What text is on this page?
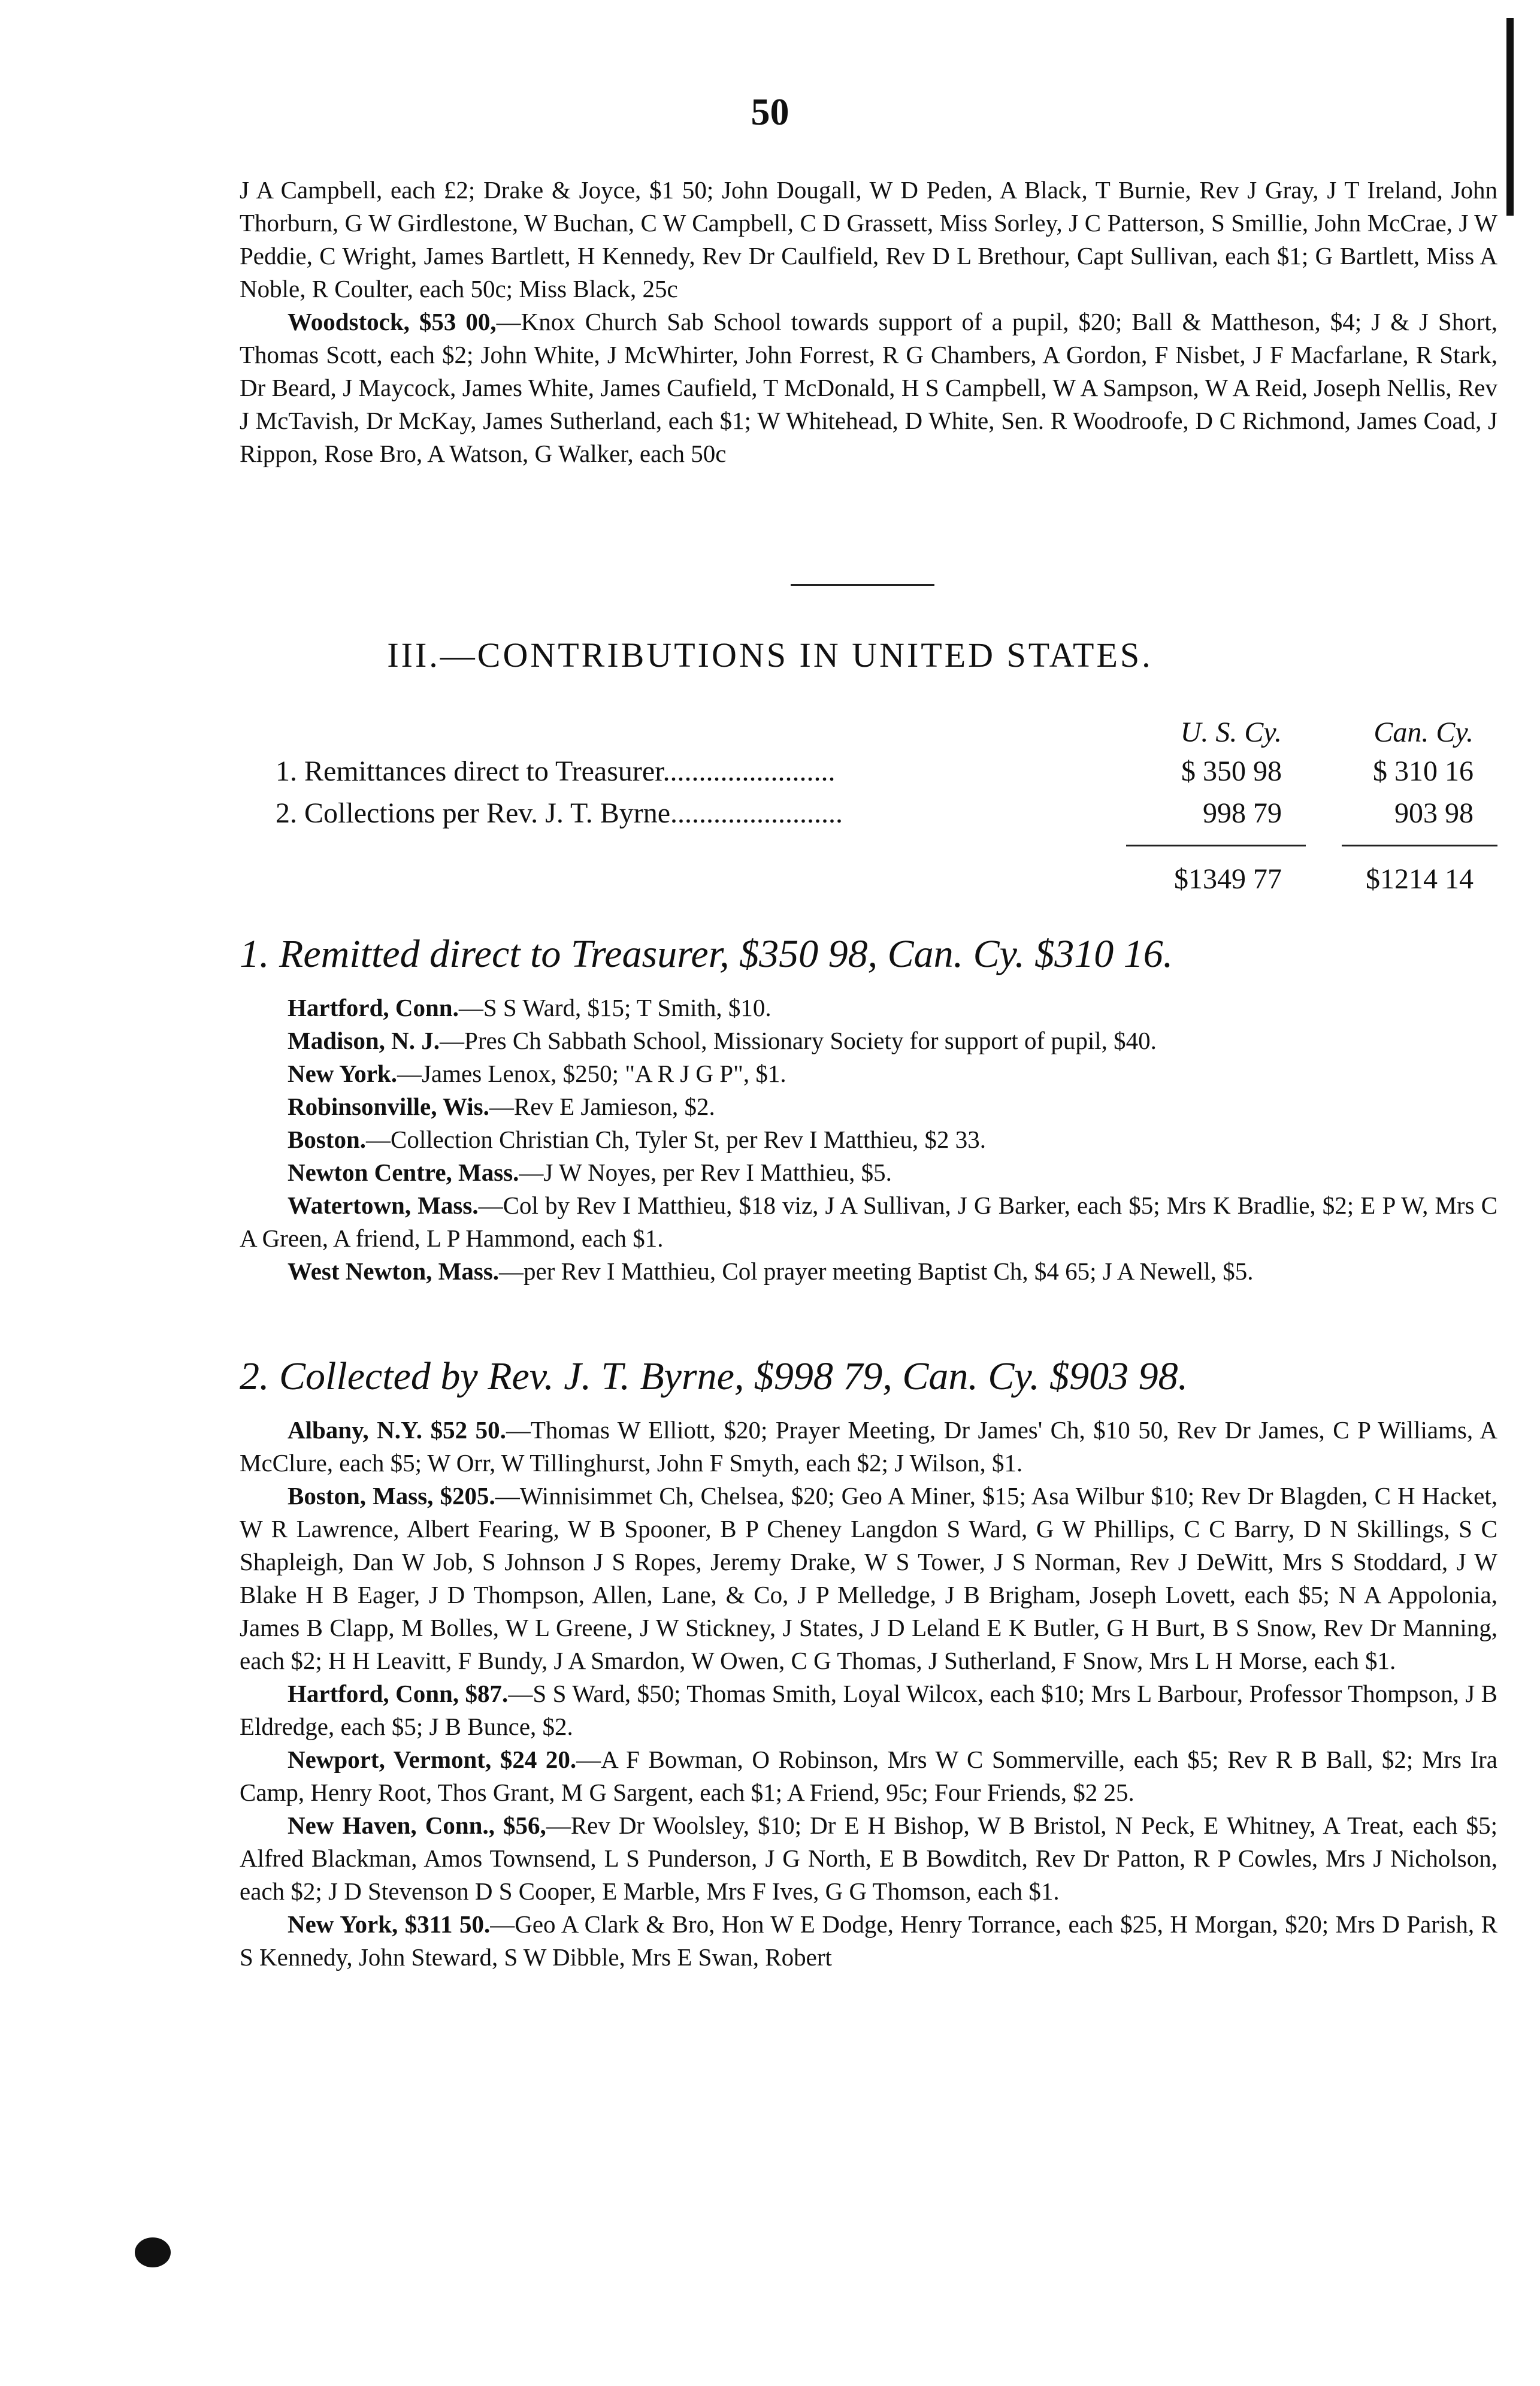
50

J A Campbell, each £2; Drake & Joyce, $1 50; John Dougall, W D Peden, A Black, T Burnie, Rev J Gray, J T Ireland, John Thorburn, G W Girdlestone, W Buchan, C W Campbell, C D Grassett, Miss Sorley, J C Patterson, S Smillie, John McCrae, J W Peddie, C Wright, James Bartlett, H Kennedy, Rev Dr Caulfield, Rev D L Brethour, Capt Sullivan, each $1; G Bartlett, Miss A Noble, R Coulter, each 50c; Miss Black, 25c

Woodstock, $53 00,—Knox Church Sab School towards support of a pupil, $20; Ball & Mattheson, $4; J & J Short, Thomas Scott, each $2; John White, J McWhirter, John Forrest, R G Chambers, A Gordon, F Nisbet, J F Macfarlane, R Stark, Dr Beard, J Maycock, James White, James Caufield, T McDonald, H S Campbell, W A Sampson, W A Reid, Joseph Nellis, Rev J McTavish, Dr McKay, James Sutherland, each $1; W Whitehead, D White, Sen. R Woodroofe, D C Richmond, James Coad, J Rippon, Rose Bro, A Watson, G Walker, each 50c

III.—CONTRIBUTIONS IN UNITED STATES.
U. S. Cy.	Can. Cy.
1. Remittances direct to Treasurer........................	$ 350 98	$ 310 16
2. Collections per Rev. J. T. Byrne........................	998 79	903 98
$1349 77	$1214 14
1. Remitted direct to Treasurer, $350 98, Can. Cy. $310 16.

Hartford, Conn.—S S Ward, $15; T Smith, $10.

Madison, N. J.—Pres Ch Sabbath School, Missionary Society for support of pupil, $40.

New York.—James Lenox, $250; "A R J G P", $1.

Robinsonville, Wis.—Rev E Jamieson, $2.

Boston.—Collection Christian Ch, Tyler St, per Rev I Matthieu, $2 33.

Newton Centre, Mass.—J W Noyes, per Rev I Matthieu, $5.

Watertown, Mass.—Col by Rev I Matthieu, $18 viz, J A Sullivan, J G Barker, each $5; Mrs K Bradlie, $2; E P W, Mrs C A Green, A friend, L P Hammond, each $1.

West Newton, Mass.—per Rev I Matthieu, Col prayer meeting Baptist Ch, $4 65; J A Newell, $5.

2. Collected by Rev. J. T. Byrne, $998 79, Can. Cy. $903 98.

Albany, N.Y. $52 50.—Thomas W Elliott, $20; Prayer Meeting, Dr James' Ch, $10 50, Rev Dr James, C P Williams, A McClure, each $5; W Orr, W Tillinghurst, John F Smyth, each $2; J Wilson, $1.

Boston, Mass, $205.—Winnisimmet Ch, Chelsea, $20; Geo A Miner, $15; Asa Wilbur $10; Rev Dr Blagden, C H Hacket, W R Lawrence, Albert Fearing, W B Spooner, B P Cheney Langdon S Ward, G W Phillips, C C Barry, D N Skillings, S C Shapleigh, Dan W Job, S Johnson J S Ropes, Jeremy Drake, W S Tower, J S Norman, Rev J DeWitt, Mrs S Stoddard, J W Blake H B Eager, J D Thompson, Allen, Lane, & Co, J P Melledge, J B Brigham, Joseph Lovett, each $5; N A Appolonia, James B Clapp, M Bolles, W L Greene, J W Stickney, J States, J D Leland E K Butler, G H Burt, B S Snow, Rev Dr Manning, each $2; H H Leavitt, F Bundy, J A Smardon, W Owen, C G Thomas, J Sutherland, F Snow, Mrs L H Morse, each $1.

Hartford, Conn, $87.—S S Ward, $50; Thomas Smith, Loyal Wilcox, each $10; Mrs L Barbour, Professor Thompson, J B Eldredge, each $5; J B Bunce, $2.

Newport, Vermont, $24 20.—A F Bowman, O Robinson, Mrs W C Sommerville, each $5; Rev R B Ball, $2; Mrs Ira Camp, Henry Root, Thos Grant, M G Sargent, each $1; A Friend, 95c; Four Friends, $2 25.

New Haven, Conn., $56,—Rev Dr Woolsley, $10; Dr E H Bishop, W B Bristol, N Peck, E Whitney, A Treat, each $5; Alfred Blackman, Amos Townsend, L S Punderson, J G North, E B Bowditch, Rev Dr Patton, R P Cowles, Mrs J Nicholson, each $2; J D Stevenson D S Cooper, E Marble, Mrs F Ives, G G Thomson, each $1.

New York, $311 50.—Geo A Clark & Bro, Hon W E Dodge, Henry Torrance, each $25, H Morgan, $20; Mrs D Parish, R S Kennedy, John Steward, S W Dibble, Mrs E Swan, Robert
